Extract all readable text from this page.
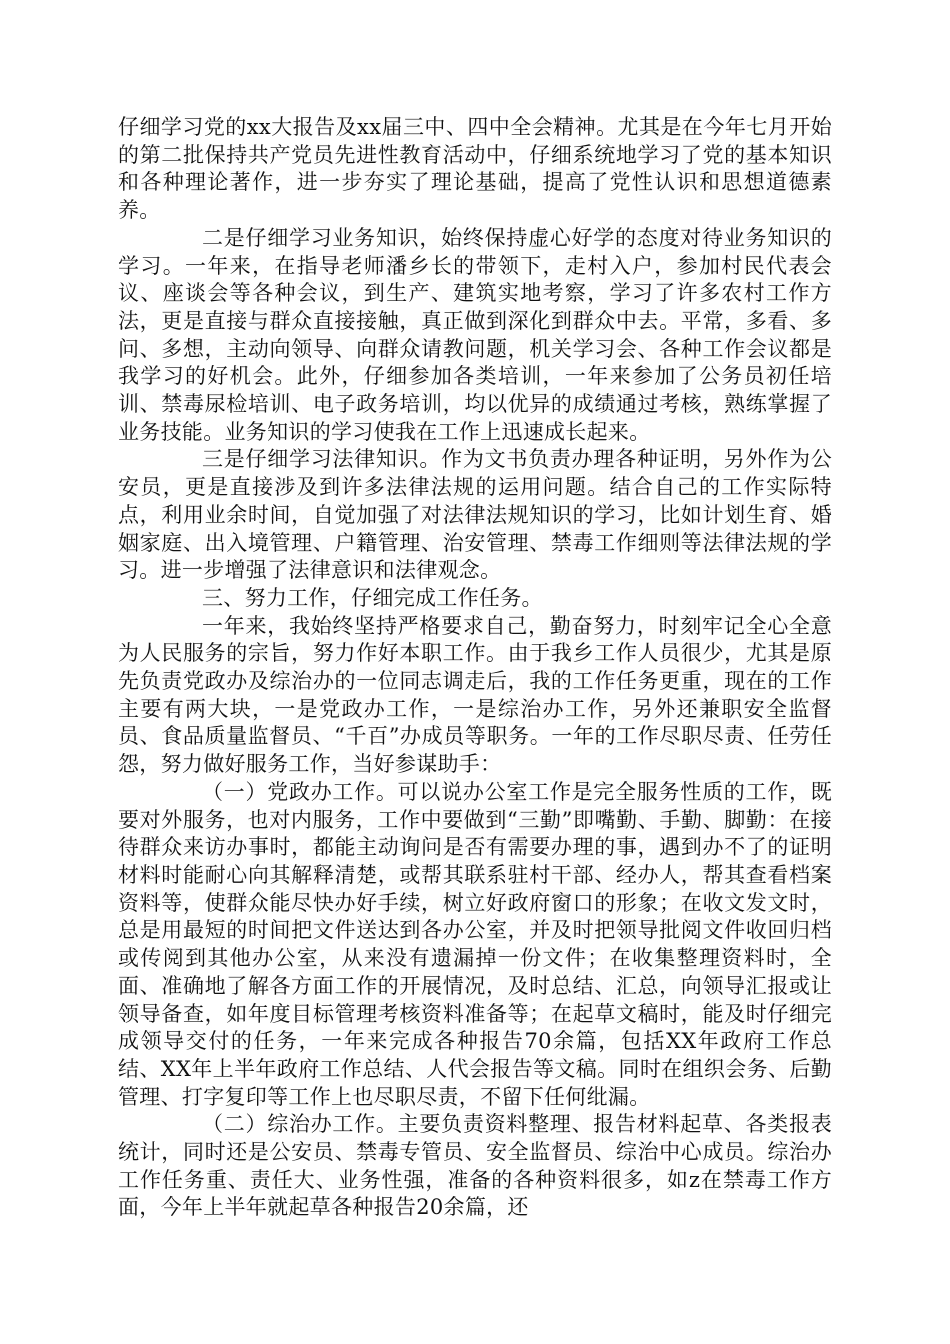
仔细学习党的xx大报告及xx届三中、四中全会精神。尤其是在今年七月开始的第二批保持共产党员先进性教育活动中，仔细系统地学习了党的基本知识和各种理论著作，进一步夯实了理论基础，提高了党性认识和思想道德素养。

二是仔细学习业务知识，始终保持虚心好学的态度对待业务知识的学习。一年来，在指导老师潘乡长的带领下，走村入户，参加村民代表会议、座谈会等各种会议，到生产、建筑实地考察，学习了许多农村工作方法，更是直接与群众直接接触，真正做到深化到群众中去。平常，多看、多问、多想，主动向领导、向群众请教问题，机关学习会、各种工作会议都是我学习的好机会。此外，仔细参加各类培训，一年来参加了公务员初任培训、禁毒尿检培训、电子政务培训，均以优异的成绩通过考核，熟练掌握了业务技能。业务知识的学习使我在工作上迅速成长起来。

三是仔细学习法律知识。作为文书负责办理各种证明，另外作为公安员，更是直接涉及到许多法律法规的运用问题。结合自己的工作实际特点，利用业余时间，自觉加强了对法律法规知识的学习，比如计划生育、婚姻家庭、出入境管理、户籍管理、治安管理、禁毒工作细则等法律法规的学习。进一步增强了法律意识和法律观念。

三、努力工作，仔细完成工作任务。

一年来，我始终坚持严格要求自己，勤奋努力，时刻牢记全心全意为人民服务的宗旨，努力作好本职工作。由于我乡工作人员很少，尤其是原先负责党政办及综治办的一位同志调走后，我的工作任务更重，现在的工作主要有两大块，一是党政办工作，一是综治办工作，另外还兼职安全监督员、食品质量监督员、“千百”办成员等职务。一年的工作尽职尽责、任劳任怨，努力做好服务工作，当好参谋助手：

（一）党政办工作。可以说办公室工作是完全服务性质的工作，既要对外服务，也对内服务，工作中要做到“三勤”即嘴勤、手勤、脚勤：在接待群众来访办事时，都能主动询问是否有需要办理的事，遇到办不了的证明材料时能耐心向其解释清楚，或帮其联系驻村干部、经办人，帮其查看档案资料等，使群众能尽快办好手续，树立好政府窗口的形象；在收文发文时，总是用最短的时间把文件送达到各办公室，并及时把领导批阅文件收回归档或传阅到其他办公室，从来没有遗漏掉一份文件；在收集整理资料时，全面、准确地了解各方面工作的开展情况，及时总结、汇总，向领导汇报或让领导备查，如年度目标管理考核资料准备等；在起草文稿时，能及时仔细完成领导交付的任务，一年来完成各种报告70余篇，包括XX年政府工作总结、XX年上半年政府工作总结、人代会报告等文稿。同时在组织会务、后勤管理、打字复印等工作上也尽职尽责，不留下任何纰漏。

（二）综治办工作。主要负责资料整理、报告材料起草、各类报表统计，同时还是公安员、禁毒专管员、安全监督员、综治中心成员。综治办工作任务重、责任大、业务性强，准备的各种资料很多，如z在禁毒工作方面，今年上半年就起草各种报告20余篇，还
